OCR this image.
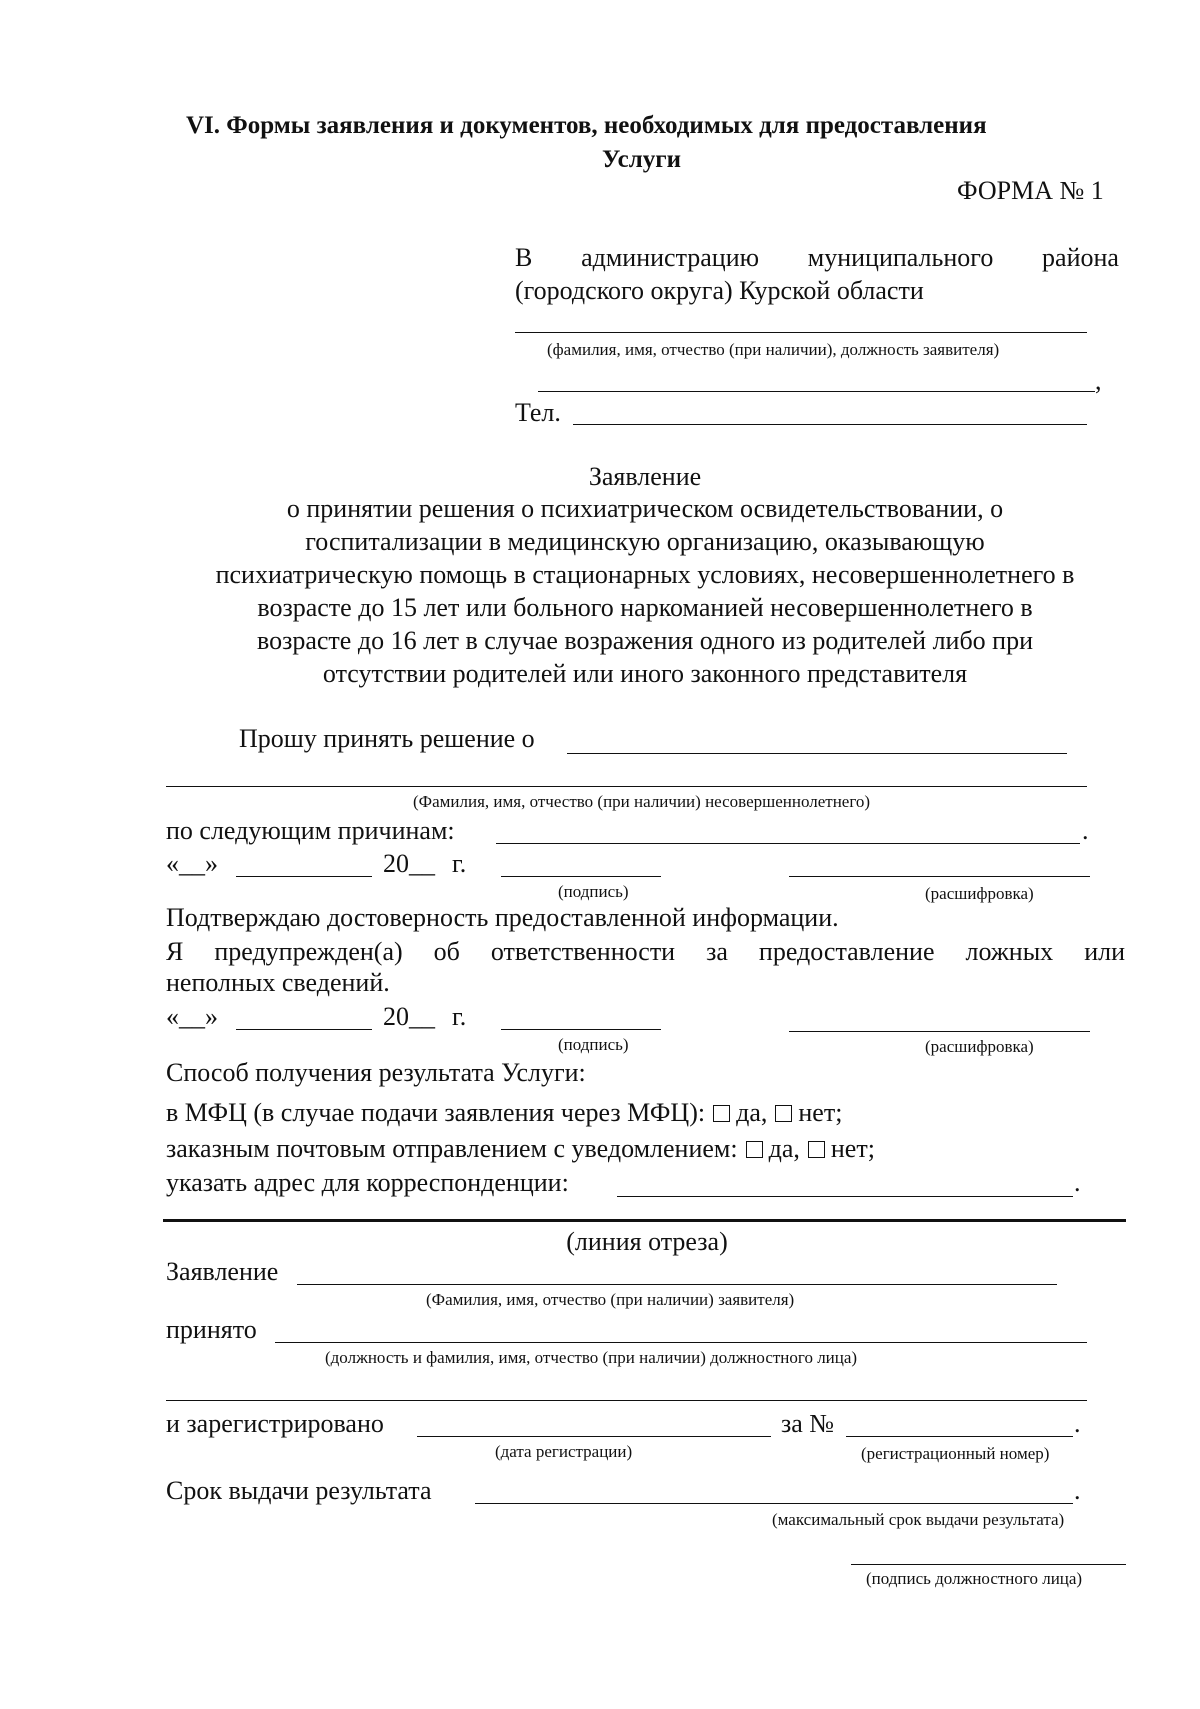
VI. Формы заявления и документов, необходимых для предоставления
Услуги
ФОРМА № 1
В администрацию муниципального района
(городского округа) Курской области
(фамилия, имя, отчество (при наличии), должность заявителя)
,
Тел.
Заявление
о принятии решения о психиатрическом освидетельствовании, о
госпитализации в медицинскую организацию, оказывающую
психиатрическую помощь в стационарных условиях, несовершеннолетнего в
возрасте до 15 лет или больного наркоманией несовершеннолетнего в
возрасте до 16 лет в случае возражения одного из родителей либо при
отсутствии родителей или иного законного представителя
Прошу принять решение о
(Фамилия, имя, отчество (при наличии) несовершеннолетнего)
по следующим причинам:	.
«__»	20__ г.
(подпись)	(расшифровка)
Подтверждаю достоверность предоставленной информации.
Я предупрежден(а) об ответственности за предоставление ложных или
неполных сведений.
«__»	20__ г.
(подпись)	(расшифровка)
Способ получения результата Услуги:
в МФЦ (в случае подачи заявления через МФЦ): да, нет;
заказным почтовым отправлением с уведомлением: да, нет;
указать адрес для корреспонденции:	.
(линия отреза)
Заявление
(Фамилия, имя, отчество (при наличии) заявителя)
принято
(должность и фамилия, имя, отчество (при наличии) должностного лица)
и зарегистрировано	за №	.
(дата регистрации)	(регистрационный номер)
Срок выдачи результата	.
(максимальный срок выдачи результата)
(подпись должностного лица)
